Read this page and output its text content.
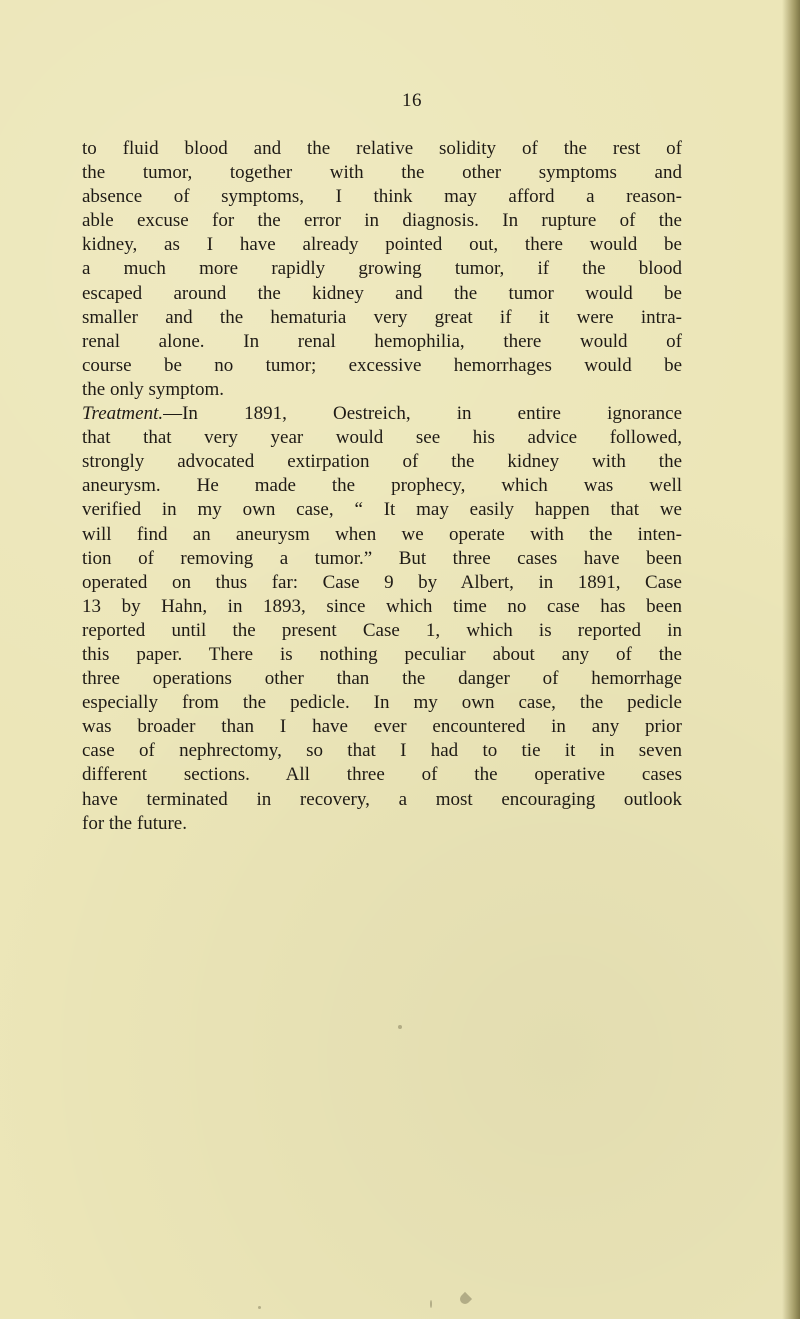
16
to fluid blood and the relative solidity of the rest of
the tumor, together with the other symptoms and
absence of symptoms, I think may afford a reason-
able excuse for the error in diagnosis. In rupture of the
kidney, as I have already pointed out, there would be
a much more rapidly growing tumor, if the blood
escaped around the kidney and the tumor would be
smaller and the hematuria very great if it were intra-
renal alone. In renal hemophilia, there would of
course be no tumor; excessive hemorrhages would be
the only symptom.
Treatment.—In 1891, Oestreich, in entire ignorance
that that very year would see his advice followed,
strongly advocated extirpation of the kidney with the
aneurysm. He made the prophecy, which was well
verified in my own case, “ It may easily happen that we
will find an aneurysm when we operate with the inten-
tion of removing a tumor.” But three cases have been
operated on thus far: Case 9 by Albert, in 1891, Case
13 by Hahn, in 1893, since which time no case has been
reported until the present Case 1, which is reported in
this paper. There is nothing peculiar about any of the
three operations other than the danger of hemorrhage
especially from the pedicle. In my own case, the pedicle
was broader than I have ever encountered in any prior
case of nephrectomy, so that I had to tie it in seven
different sections. All three of the operative cases
have terminated in recovery, a most encouraging outlook
for the future.
